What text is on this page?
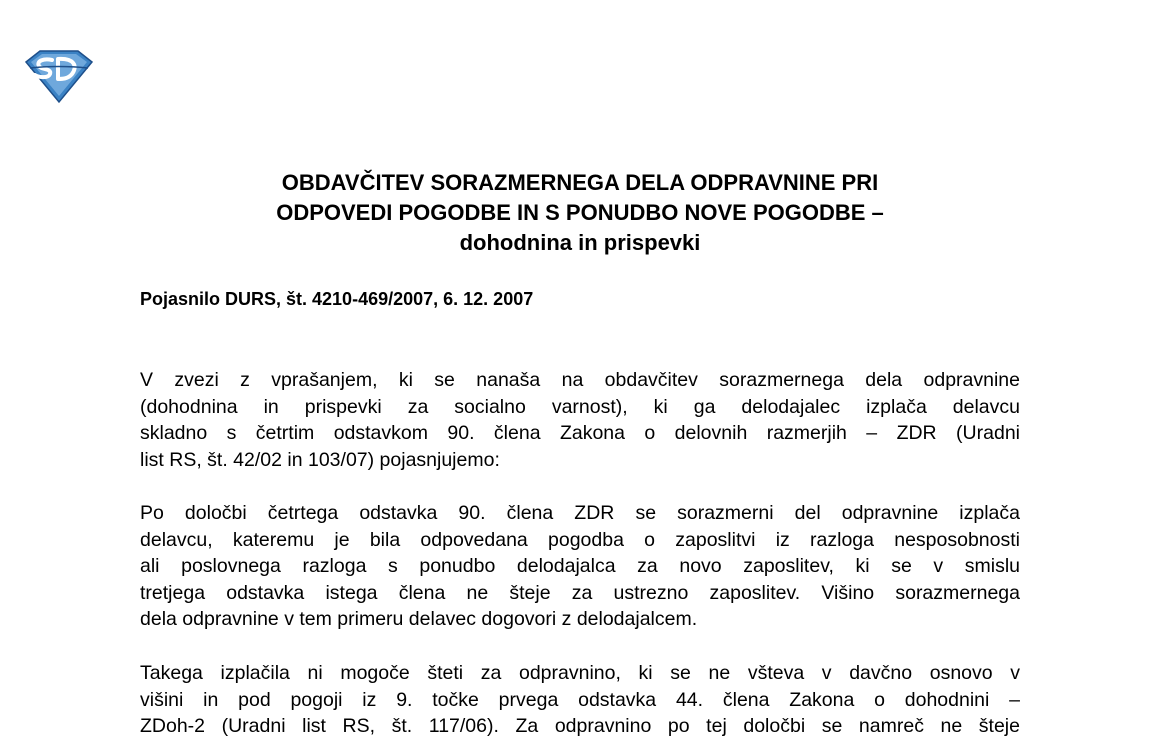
OBDAVČITEV SORAZMERNEGA DELA ODPRAVNINE PRI
ODPOVEDI POGODBE IN S PONUDBO NOVE POGODBE –
dohodnina in prispevki
Pojasnilo DURS, št. 4210-469/2007, 6. 12. 2007
V zvezi z vprašanjem, ki se nanaša na obdavčitev sorazmernega dela odpravnine
(dohodnina in prispevki za socialno varnost), ki ga delodajalec izplača delavcu
skladno s četrtim odstavkom 90. člena Zakona o delovnih razmerjih – ZDR (Uradni
list RS, št. 42/02 in 103/07) pojasnjujemo:
Po določbi četrtega odstavka 90. člena ZDR se sorazmerni del odpravnine izplača
delavcu, kateremu je bila odpovedana pogodba o zaposlitvi iz razloga nesposobnosti
ali poslovnega razloga s ponudbo delodajalca za novo zaposlitev, ki se v smislu
tretjega odstavka istega člena ne šteje za ustrezno zaposlitev. Višino sorazmernega
dela odpravnine v tem primeru delavec dogovori z delodajalcem.
Takega izplačila ni mogoče šteti za odpravnino, ki se ne všteva v davčno osnovo v
višini in pod pogoji iz 9. točke prvega odstavka 44. člena Zakona o dohodnini –
ZDoh-2 (Uradni list RS, št. 117/06). Za odpravnino po tej določbi se namreč ne šteje
